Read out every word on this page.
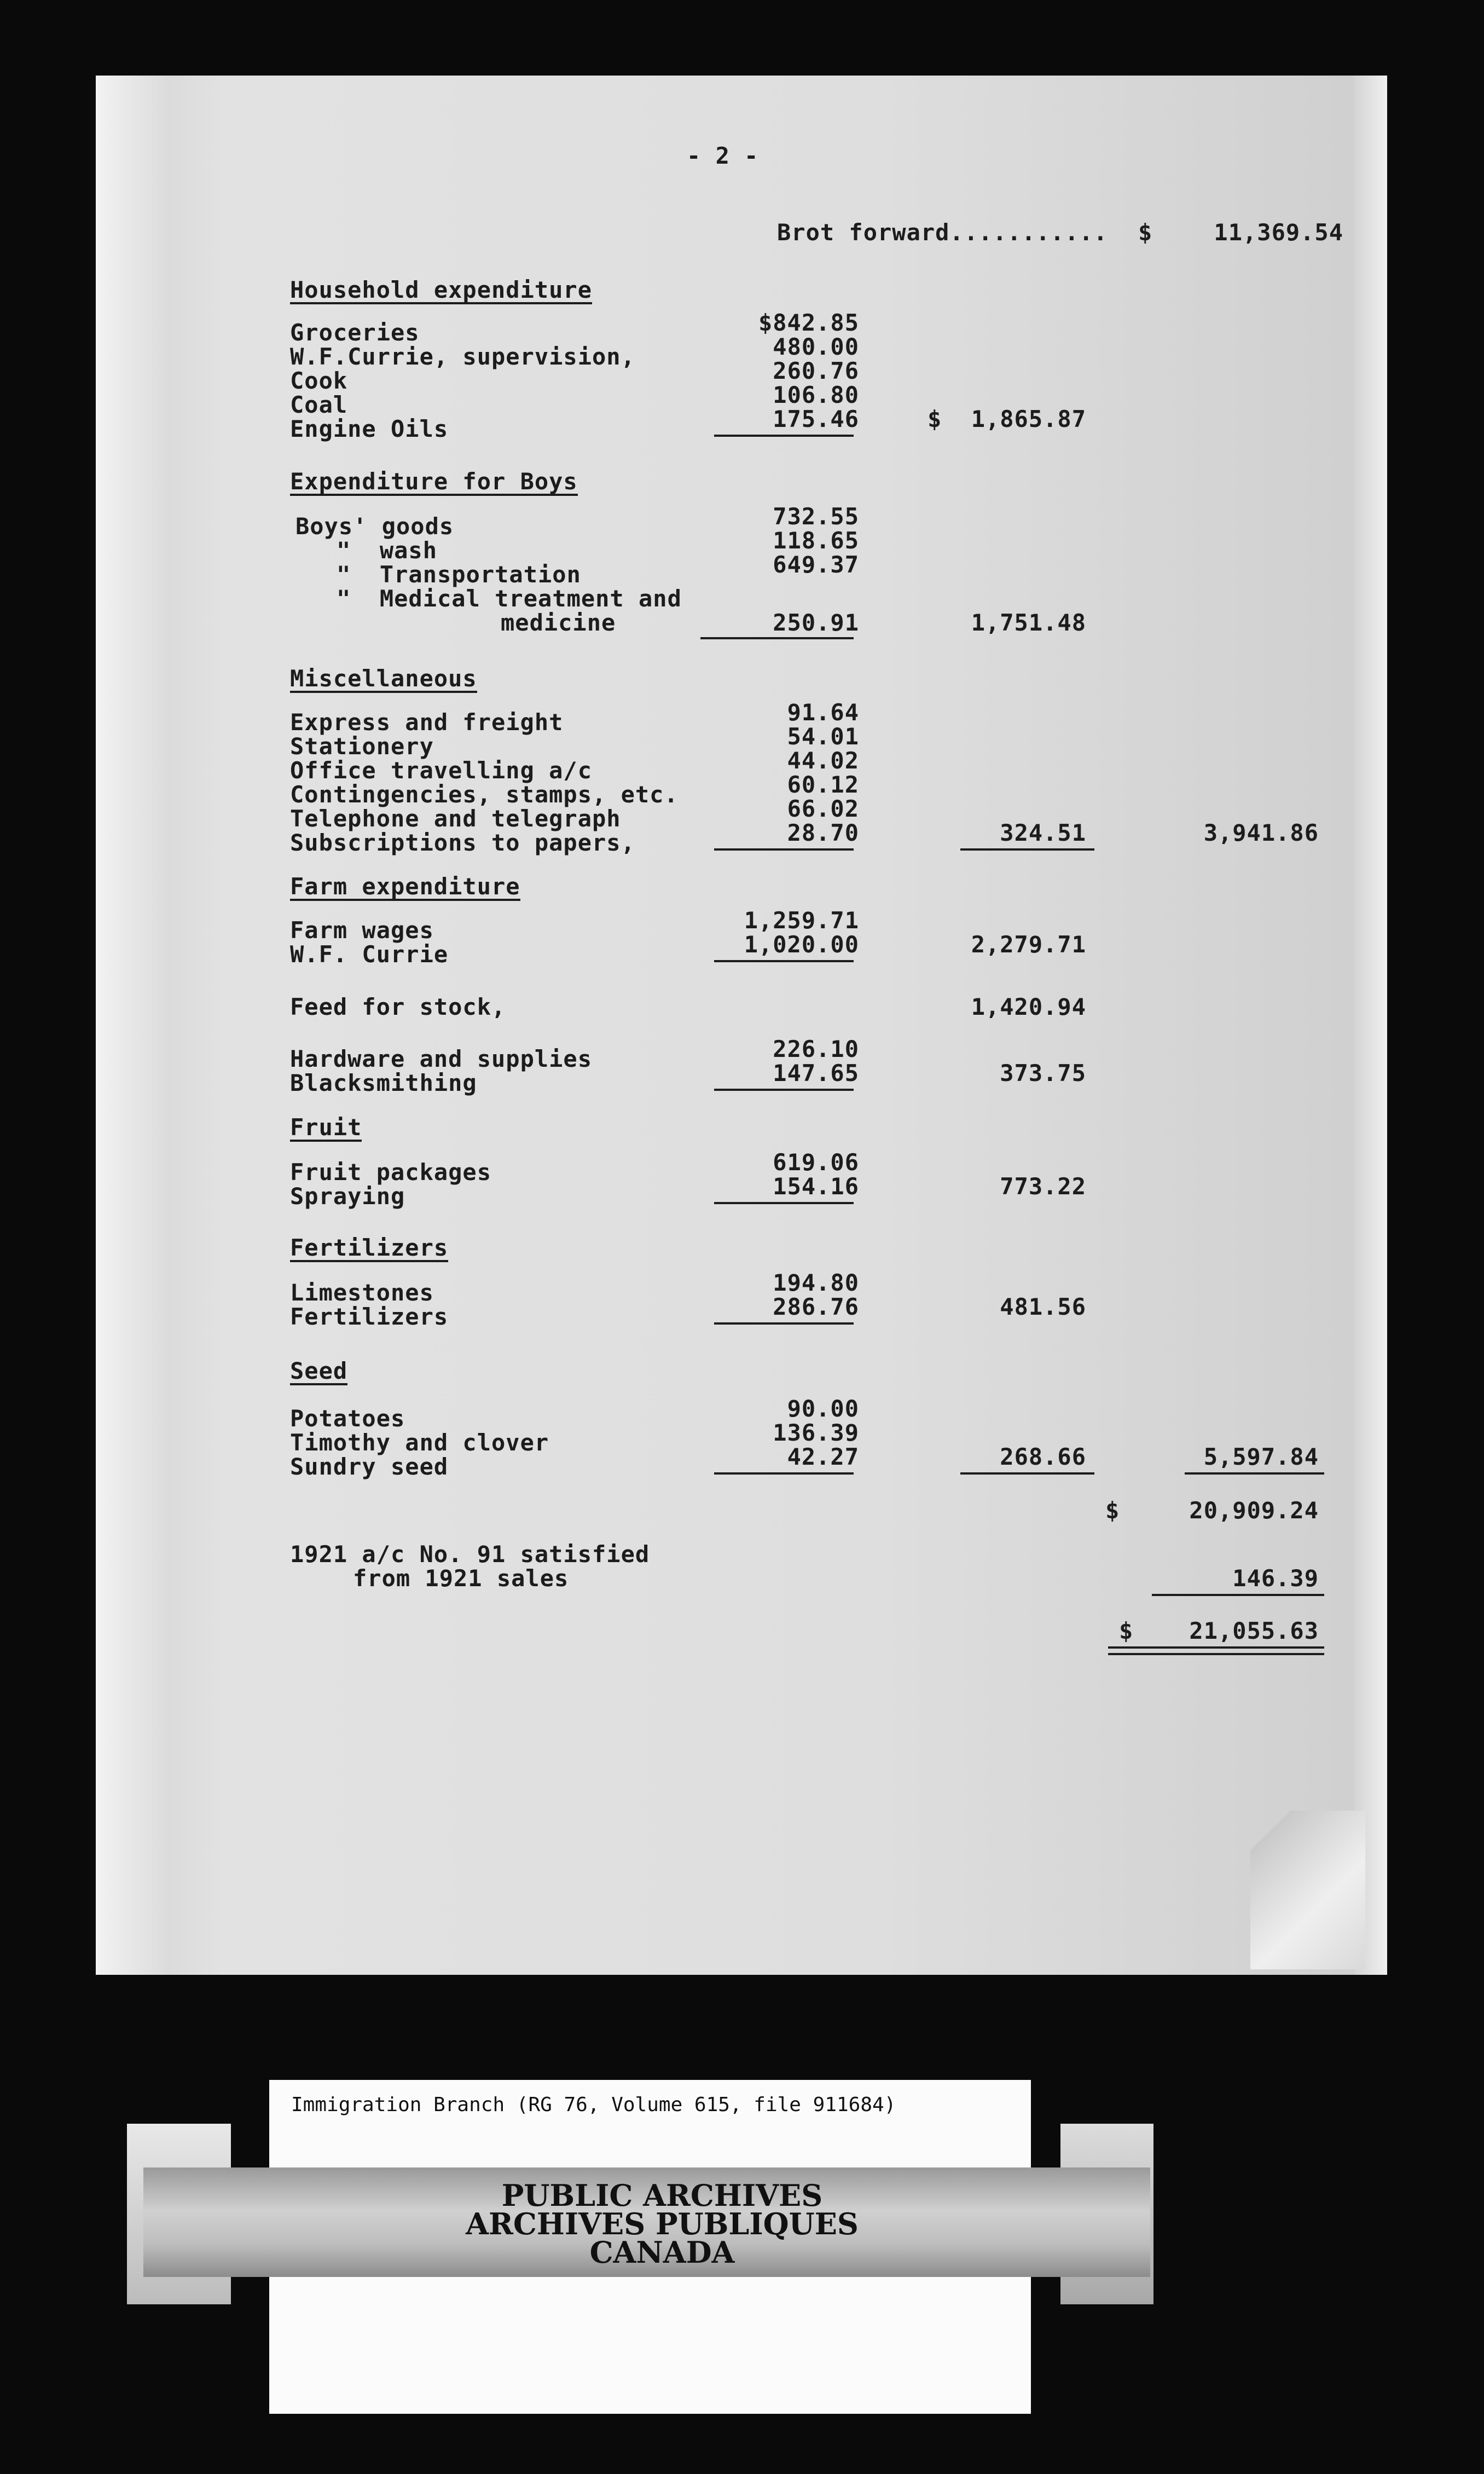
- 2 -
Brot forward........... $	11,369.54
Household expenditure
Groceries	$842.85
W.F.Currie, supervision,	480.00
Cook	260.76
Coal	106.80
Engine Oils	175.46	$	1,865.87
Expenditure for Boys
Boys' goods	732.55
"  wash	118.65
"  Transportation	649.37
"  Medical treatment and
medicine	250.91	1,751.48
Miscellaneous
Express and freight	91.64
Stationery	54.01
Office travelling a/c	44.02
Contingencies, stamps, etc.	60.12
Telephone and telegraph	66.02
Subscriptions to papers,	28.70	324.51	3,941.86
Farm expenditure
Farm wages	1,259.71
W.F. Currie	1,020.00	2,279.71
Feed for stock,	1,420.94
Hardware and supplies	226.10
Blacksmithing	147.65	373.75
Fruit
Fruit packages	619.06
Spraying	154.16	773.22
Fertilizers
Limestones	194.80
Fertilizers	286.76	481.56
Seed
Potatoes	90.00
Timothy and clover	136.39
Sundry seed	42.27	268.66	5,597.84
$	20,909.24
1921 a/c No. 91 satisfied
from 1921 sales	146.39
$	21,055.63
Immigration Branch (RG 76, Volume 615, file 911684)
PUBLIC ARCHIVES
ARCHIVES PUBLIQUES
CANADA
